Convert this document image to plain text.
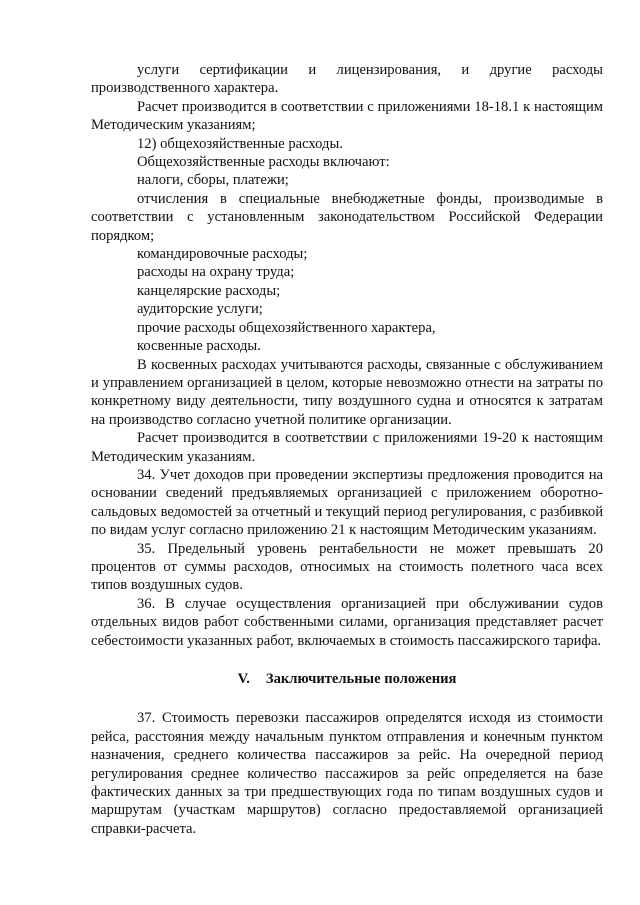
услуги сертификации и лицензирования, и другие расходы производственного характера.

Расчет производится в соответствии с приложениями 18-18.1 к настоящим Методическим указаниям;

12) общехозяйственные расходы.

Общехозяйственные расходы включают:

налоги, сборы, платежи;

отчисления в специальные внебюджетные фонды, производимые в соответствии с установленным законодательством Российской Федерации порядком;

командировочные расходы;

расходы на охрану труда;

канцелярские расходы;

аудиторские услуги;

прочие расходы общехозяйственного характера,

косвенные расходы.

В косвенных расходах учитываются расходы, связанные с обслуживанием и управлением организацией в целом, которые невозможно отнести на затраты по конкретному виду деятельности, типу воздушного судна и относятся к затратам на производство согласно учетной политике организации.

Расчет производится в соответствии с приложениями 19-20 к настоящим Методическим указаниям.

34. Учет доходов при проведении экспертизы предложения проводится на основании сведений предъявляемых организацией с приложением оборотно-сальдовых ведомостей за отчетный и текущий период регулирования, с разбивкой по видам услуг согласно приложению 21 к настоящим Методическим указаниям.

35. Предельный уровень рентабельности не может превышать 20 процентов от суммы расходов, относимых на стоимость полетного часа всех типов воздушных судов.

36. В случае осуществления организацией при обслуживании судов отдельных видов работ собственными силами, организация представляет расчет себестоимости указанных работ, включаемых в стоимость пассажирского тарифа.

V. Заключительные положения

37. Стоимость перевозки пассажиров определятся исходя из стоимости рейса, расстояния между начальным пунктом отправления и конечным пунктом назначения, среднего количества пассажиров за рейс. На очередной период регулирования среднее количество пассажиров за рейс определяется на базе фактических данных за три предшествующих года по типам воздушных судов и маршрутам (участкам маршрутов) согласно предоставляемой организацией справки-расчета.
